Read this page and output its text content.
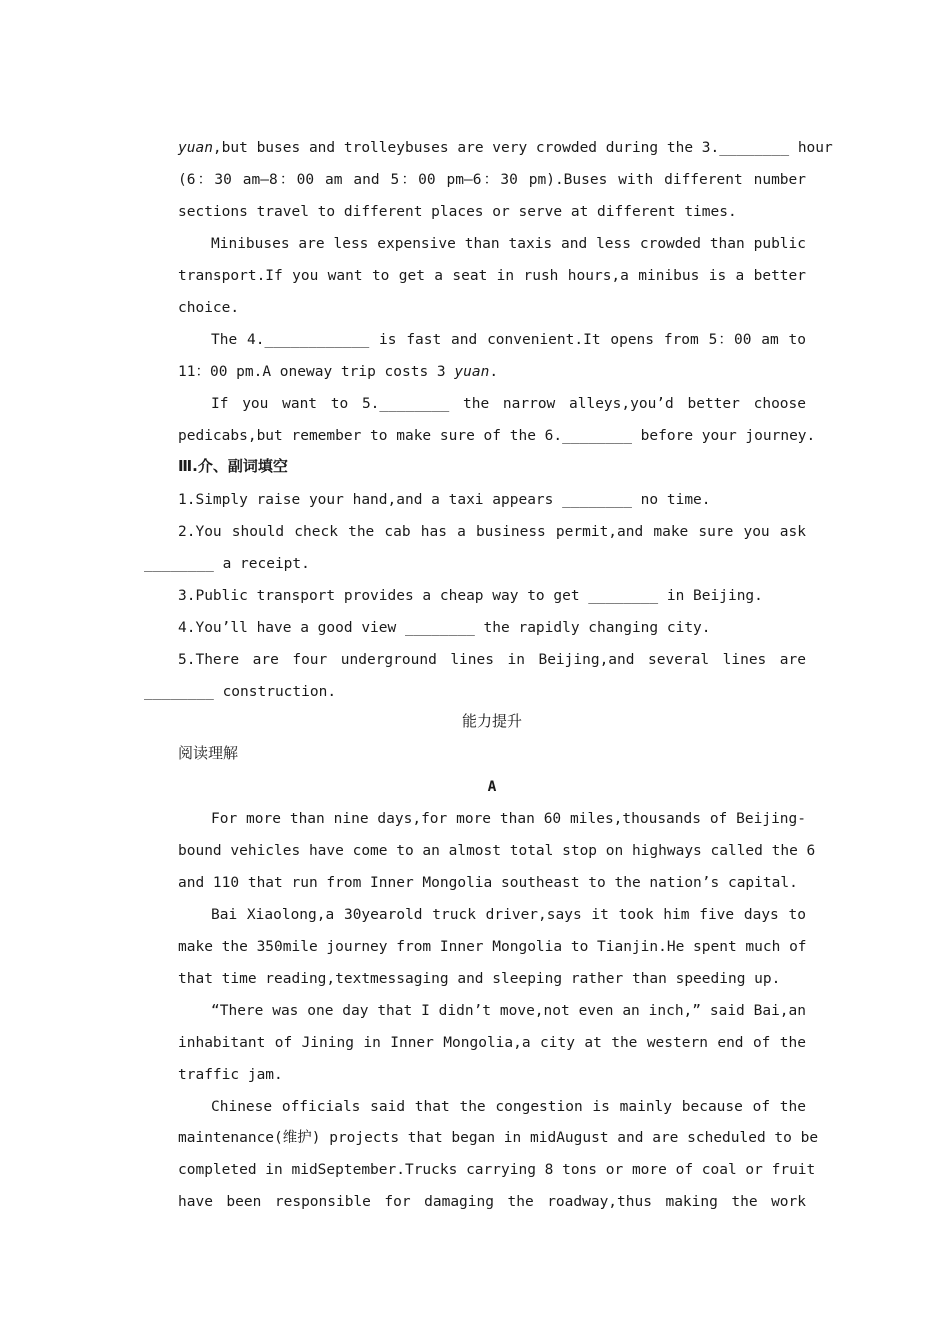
yuan,but buses and trolleybuses are very crowded during the 3.________ hour
(6：30 am—8：00 am and 5：00 pm—6：30 pm).Buses with different number
sections travel to different places or serve at different times.
Minibuses are less expensive than taxis and less crowded than public
transport.If you want to get a seat in rush hours,a minibus is a better
choice.
The 4.____________ is fast and convenient.It opens from 5：00 am to
11：00 pm.A oneway trip costs 3 yuan.
If you want to 5.________ the narrow alleys,you’d better choose
pedicabs,but remember to make sure of the 6.________ before your journey.
Ⅲ.介、副词填空
1.Simply raise your hand,and a taxi appears ________ no time.
2.You should check the cab has a business permit,and make sure you ask
________ a receipt.
3.Public transport provides a cheap way to get ________ in Beijing.
4.You’ll have a good view ________ the rapidly changing city.
5.There are four underground lines in Beijing,and several lines are
________ construction.
能力提升
阅读理解
A
For more than nine days,for more than 60 miles,thousands of Beijing-
bound vehicles have come to an almost total stop on highways called the 6
and 110 that run from Inner Mongolia southeast to the nation’s capital.
Bai Xiaolong,a 30yearold truck driver,says it took him five days to
make the 350mile journey from Inner Mongolia to Tianjin.He spent much of
that time reading,textmessaging and sleeping rather than speeding up.
“There was one day that I didn’t move,not even an inch,” said Bai,an
inhabitant of Jining in Inner Mongolia,a city at the western end of the
traffic jam.
Chinese officials said that the congestion is mainly because of the
maintenance(维护) projects that began in midAugust and are scheduled to be
completed in midSeptember.Trucks carrying 8 tons or more of coal or fruit
have been responsible for damaging the roadway,thus making the work
